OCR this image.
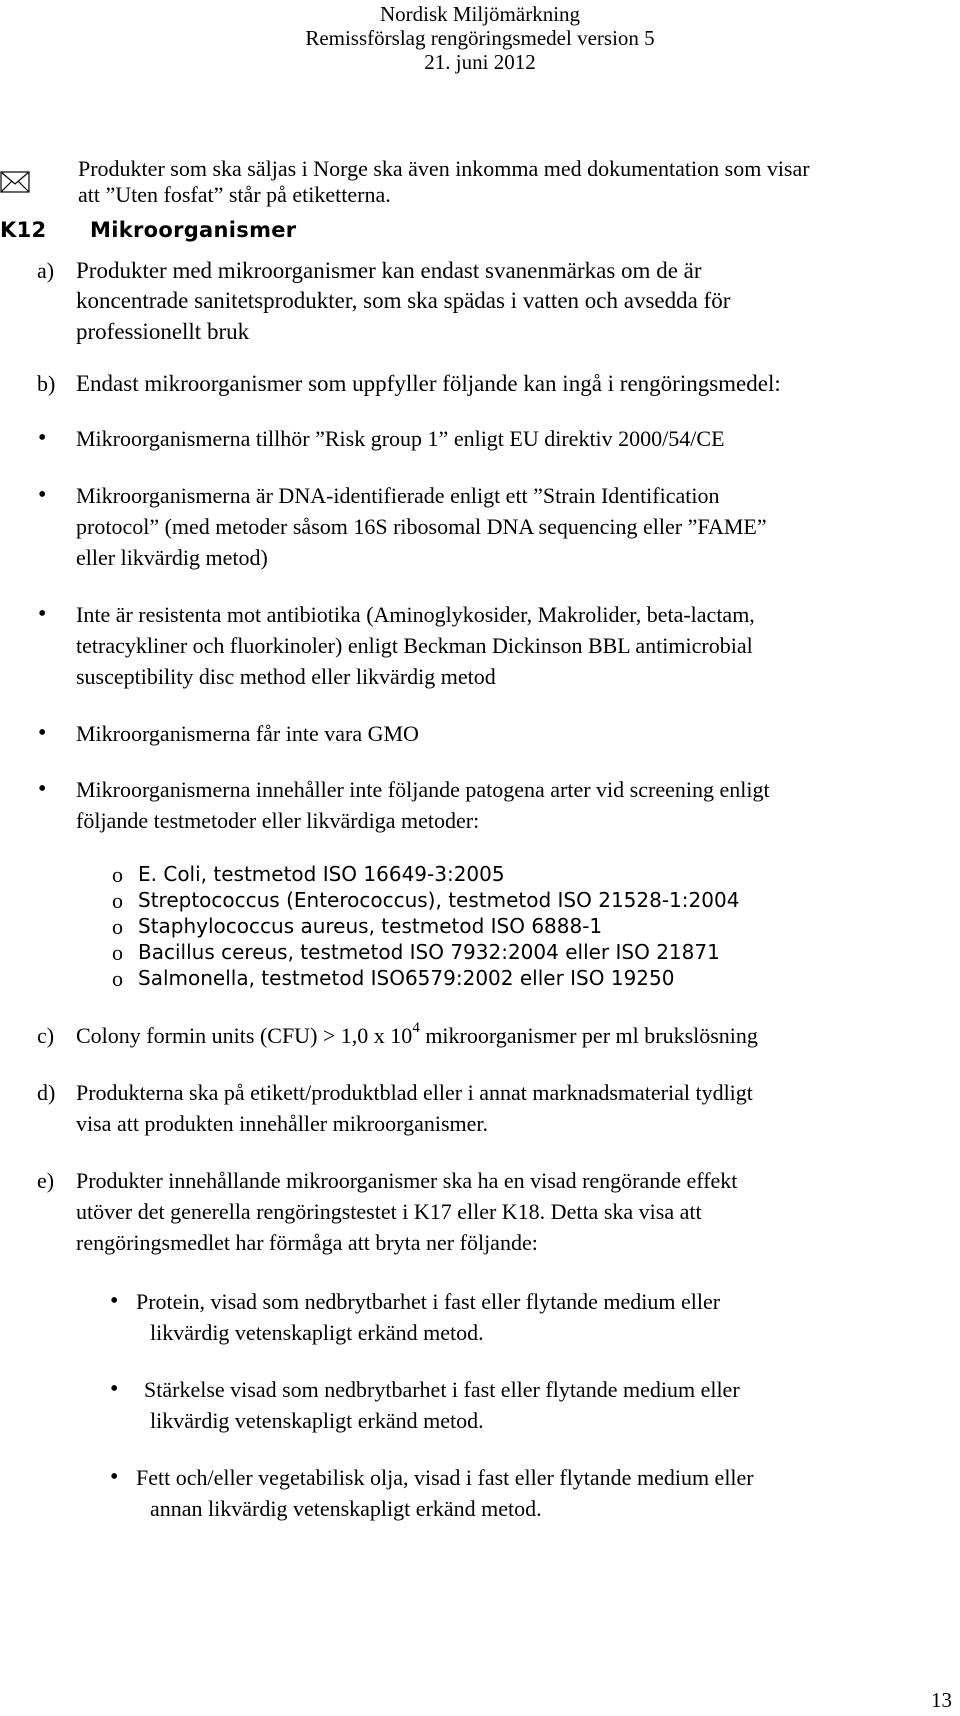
Nordisk Miljömärkning
Remissförslag rengöringsmedel version 5
21. juni 2012
Produkter som ska säljas i Norge ska även inkomma med dokumentation som visar
att ”Uten fosfat” står på etiketterna.
K12 Mikroorganismer
a) Produkter med mikroorganismer kan endast svanenmärkas om de är
koncentrade sanitetsprodukter, som ska spädas i vatten och avsedda för
professionellt bruk
b) Endast mikroorganismer som uppfyller följande kan ingå i rengöringsmedel:
• Mikroorganismerna tillhör ”Risk group 1” enligt EU direktiv 2000/54/CE
• Mikroorganismerna är DNA-identifierade enligt ett ”Strain Identification
protocol” (med metoder såsom 16S ribosomal DNA sequencing eller ”FAME”
eller likvärdig metod)
• Inte är resistenta mot antibiotika (Aminoglykosider, Makrolider, beta-lactam,
tetracykliner och fluorkinoler) enligt Beckman Dickinson BBL antimicrobial
susceptibility disc method eller likvärdig metod
• Mikroorganismerna får inte vara GMO
• Mikroorganismerna innehåller inte följande patogena arter vid screening enligt
följande testmetoder eller likvärdiga metoder:
o E. Coli, testmetod ISO 16649-3:2005
o Streptococcus (Enterococcus), testmetod ISO 21528-1:2004
o Staphylococcus aureus, testmetod ISO 6888-1
o Bacillus cereus, testmetod ISO 7932:2004 eller ISO 21871
o Salmonella, testmetod ISO6579:2002 eller ISO 19250
c) Colony formin units (CFU) > 1,0 x $10^4$ mikroorganismer per ml brukslösning
d) Produkterna ska på etikett/produktblad eller i annat marknadsmaterial tydligt
visa att produkten innehåller mikroorganismer.
e) Produkter innehållande mikroorganismer ska ha en visad rengörande effekt
utöver det generella rengöringstestet i K17 eller K18. Detta ska visa att
rengöringsmedlet har förmåga att bryta ner följande:
• Protein, visad som nedbrytbarhet i fast eller flytande medium eller
likvärdig vetenskapligt erkänd metod.
• Stärkelse visad som nedbrytbarhet i fast eller flytande medium eller
likvärdig vetenskapligt erkänd metod.
• Fett och/eller vegetabilisk olja, visad i fast eller flytande medium eller
annan likvärdig vetenskapligt erkänd metod.
13
